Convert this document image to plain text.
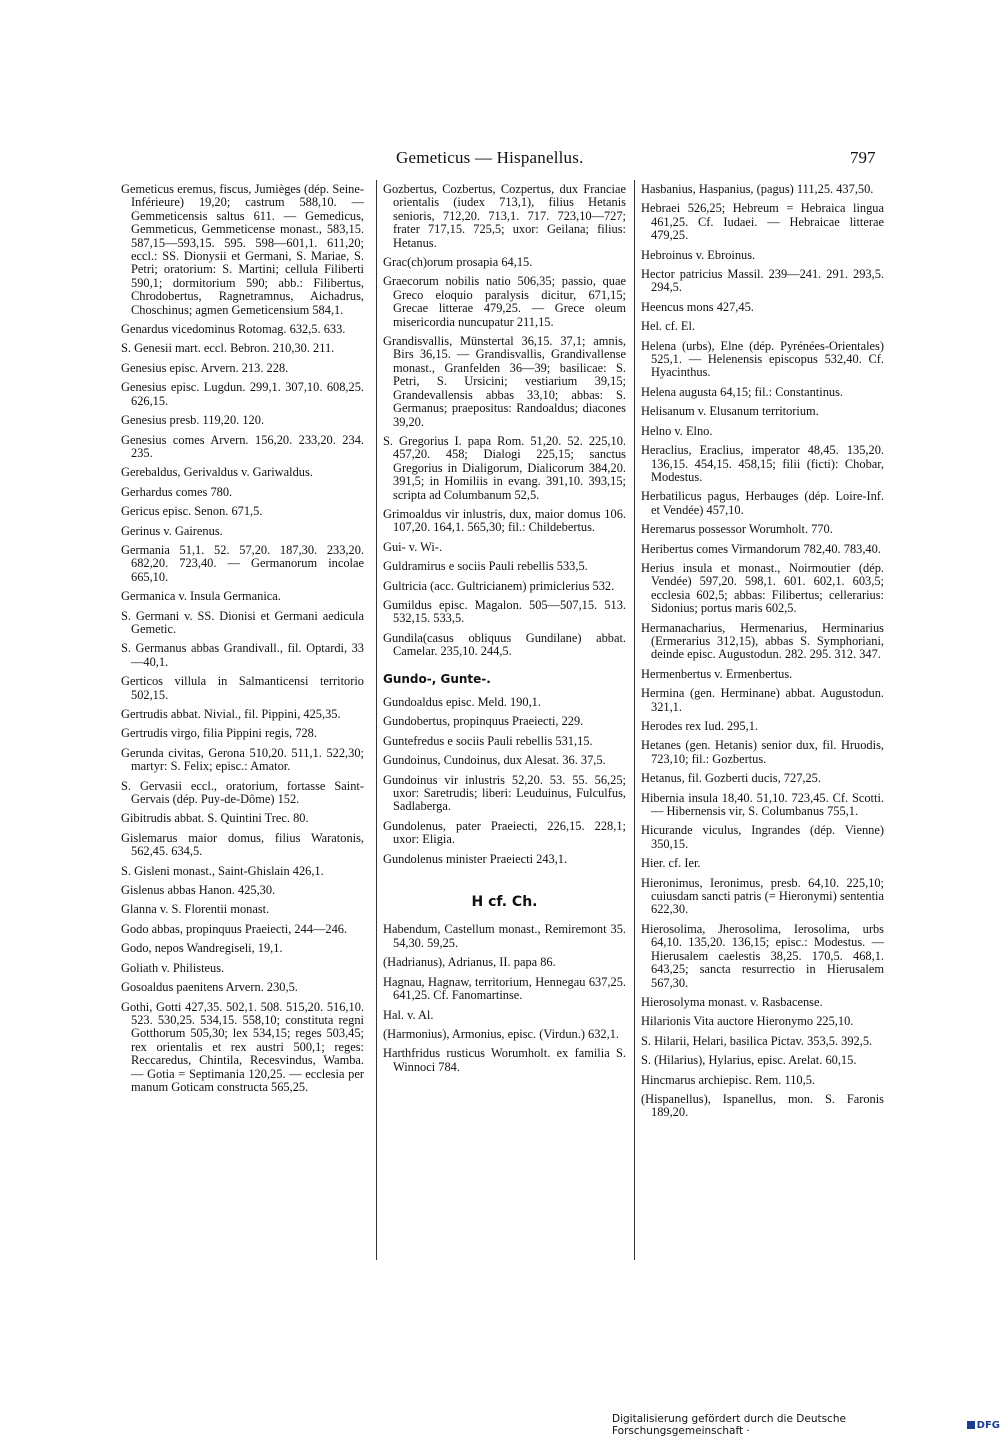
Gemeticus — Hispanellus.	797
Gemeticus eremus, fiscus, Jumièges (dép. Seine-Inférieure) 19,20; castrum 588,10. — Gemmeticensis saltus 611. — Gemedicus, Gemmeticus, Gemmeticense monast., 583,15. 587,15—593,15. 595. 598—601,1. 611,20; eccl.: SS. Dionysii et Germani, S. Mariae, S. Petri; oratorium: S. Martini; cellula Filiberti 590,1; dormitorium 590; abb.: Filibertus, Chrodobertus, Ragnetramnus, Aichadrus, Choschinus; agmen Gemeticensium 584,1.
Genardus vicedominus Rotomag. 632,5. 633.
S. Genesii mart. eccl. Bebron. 210,30. 211.
Genesius episc. Arvern. 213. 228.
Genesius episc. Lugdun. 299,1. 307,10. 608,25. 626,15.
Genesius presb. 119,20. 120.
Genesius comes Arvern. 156,20. 233,20. 234. 235.
Gerebaldus, Gerivaldus v. Gariwaldus.
Gerhardus comes 780.
Gericus episc. Senon. 671,5.
Gerinus v. Gairenus.
Germania 51,1. 52. 57,20. 187,30. 233,20. 682,20. 723,40. — Germanorum incolae 665,10.
Germanica v. Insula Germanica.
S. Germani v. SS. Dionisi et Germani aedicula Gemetic.
S. Germanus abbas Grandivall., fil. Optardi, 33—40,1.
Gerticos villula in Salmanticensi territorio 502,15.
Gertrudis abbat. Nivial., fil. Pippini, 425,35.
Gertrudis virgo, filia Pippini regis, 728.
Gerunda civitas, Gerona 510,20. 511,1. 522,30; martyr: S. Felix; episc.: Amator.
S. Gervasii eccl., oratorium, fortasse Saint-Gervais (dép. Puy-de-Dôme) 152.
Gibitrudis abbat. S. Quintini Trec. 80.
Gislemarus maior domus, filius Waratonis, 562,45. 634,5.
S. Gisleni monast., Saint-Ghislain 426,1.
Gislenus abbas Hanon. 425,30.
Glanna v. S. Florentii monast.
Godo abbas, propinquus Praeiecti, 244—246.
Godo, nepos Wandregiseli, 19,1.
Goliath v. Philisteus.
Gosoaldus paenitens Arvern. 230,5.
Gothi, Gotti 427,35. 502,1. 508. 515,20. 516,10. 523. 530,25. 534,15. 558,10; constituta regni Gotthorum 505,30; lex 534,15; reges 503,45; rex orientalis et rex austri 500,1; reges: Reccaredus, Chintila, Recesvindus, Wamba. — Gotia = Septimania 120,25. — ecclesia per manum Goticam constructa 565,25.
Gozbertus, Cozbertus, Cozpertus, dux Franciae orientalis (iudex 713,1), filius Hetanis senioris, 712,20. 713,1. 717. 723,10—727; frater 717,15. 725,5; uxor: Geilana; filius: Hetanus.
Grac(ch)orum prosapia 64,15.
Graecorum nobilis natio 506,35; passio, quae Greco eloquio paralysis dicitur, 671,15; Grecae litterae 479,25. — Grece oleum misericordia nuncupatur 211,15.
Grandisvallis, Münstertal 36,15. 37,1; amnis, Birs 36,15. — Grandisvallis, Grandivallense monast., Granfelden 36—39; basilicae: S. Petri, S. Ursicini; vestiarium 39,15; Grandevallensis abbas 33,10; abbas: S. Germanus; praepositus: Randoaldus; diacones 39,20.
S. Gregorius I. papa Rom. 51,20. 52. 225,10. 457,20. 458; Dialogi 225,15; sanctus Gregorius in Dialigorum, Dialicorum 384,20. 391,5; in Homiliis in evang. 391,10. 393,15; scripta ad Columbanum 52,5.
Grimoaldus vir inlustris, dux, maior domus 106. 107,20. 164,1. 565,30; fil.: Childebertus.
Gui- v. Wi-.
Guldramirus e sociis Pauli rebellis 533,5.
Gultricia (acc. Gultricianem) primiclerius 532.
Gumildus episc. Magalon. 505—507,15. 513. 532,15. 533,5.
Gundila(casus obliquus Gundilane) abbat. Camelar. 235,10. 244,5.
Gundo-, Gunte-.
Gundoaldus episc. Meld. 190,1.
Gundobertus, propinquus Praeiecti, 229.
Guntefredus e sociis Pauli rebellis 531,15.
Gundoinus, Cundoinus, dux Alesat. 36. 37,5.
Gundoinus vir inlustris 52,20. 53. 55. 56,25; uxor: Saretrudis; liberi: Leuduinus, Fulculfus, Sadlaberga.
Gundolenus, pater Praeiecti, 226,15. 228,1; uxor: Eligia.
Gundolenus minister Praeiecti 243,1.
H cf. Ch.
Habendum, Castellum monast., Remiremont 35. 54,30. 59,25.
(Hadrianus), Adrianus, II. papa 86.
Hagnau, Hagnaw, territorium, Hennegau 637,25. 641,25. Cf. Fanomartinse.
Hal. v. Al.
(Harmonius), Armonius, episc. (Virdun.) 632,1.
Harthfridus rusticus Worumholt. ex familia S. Winnoci 784.
Hasbanius, Haspanius, (pagus) 111,25. 437,50.
Hebraei 526,25; Hebreum = Hebraica lingua 461,25. Cf. Iudaei. — Hebraicae litterae 479,25.
Hebroinus v. Ebroinus.
Hector patricius Massil. 239—241. 291. 293,5. 294,5.
Heencus mons 427,45.
Hel. cf. El.
Helena (urbs), Elne (dép. Pyrénées-Orientales) 525,1. — Helenensis episcopus 532,40. Cf. Hyacinthus.
Helena augusta 64,15; fil.: Constantinus.
Helisanum v. Elusanum territorium.
Helno v. Elno.
Heraclius, Eraclius, imperator 48,45. 135,20. 136,15. 454,15. 458,15; filii (ficti): Chobar, Modestus.
Herbatilicus pagus, Herbauges (dép. Loire-Inf. et Vendée) 457,10.
Heremarus possessor Worumholt. 770.
Heribertus comes Virmandorum 782,40. 783,40.
Herius insula et monast., Noirmoutier (dép. Vendée) 597,20. 598,1. 601. 602,1. 603,5; ecclesia 602,5; abbas: Filibertus; cellerarius: Sidonius; portus maris 602,5.
Hermanacharius, Hermenarius, Herminarius (Ermerarius 312,15), abbas S. Symphoriani, deinde episc. Augustodun. 282. 295. 312. 347.
Hermenbertus v. Ermenbertus.
Hermina (gen. Herminane) abbat. Augustodun. 321,1.
Herodes rex Iud. 295,1.
Hetanes (gen. Hetanis) senior dux, fil. Hruodis, 723,10; fil.: Gozbertus.
Hetanus, fil. Gozberti ducis, 727,25.
Hibernia insula 18,40. 51,10. 723,45. Cf. Scotti. — Hibernensis vir, S. Columbanus 755,1.
Hicurande viculus, Ingrandes (dép. Vienne) 350,15.
Hier. cf. Ier.
Hieronimus, Ieronimus, presb. 64,10. 225,10; cuiusdam sancti patris (= Hieronymi) sententia 622,30.
Hierosolima, Jherosolima, Ierosolima, urbs 64,10. 135,20. 136,15; episc.: Modestus. — Hierusalem caelestis 38,25. 170,5. 468,1. 643,25; sancta resurrectio in Hierusalem 567,30.
Hierosolyma monast. v. Rasbacense.
Hilarionis Vita auctore Hieronymo 225,10.
S. Hilarii, Helari, basilica Pictav. 353,5. 392,5.
S. (Hilarius), Hylarius, episc. Arelat. 60,15.
Hincmarus archiepisc. Rem. 110,5.
(Hispanellus), Ispanellus, mon. S. Faronis 189,20.
Digitalisierung gefördert durch die Deutsche Forschungsgemeinschaft ·	DFG
